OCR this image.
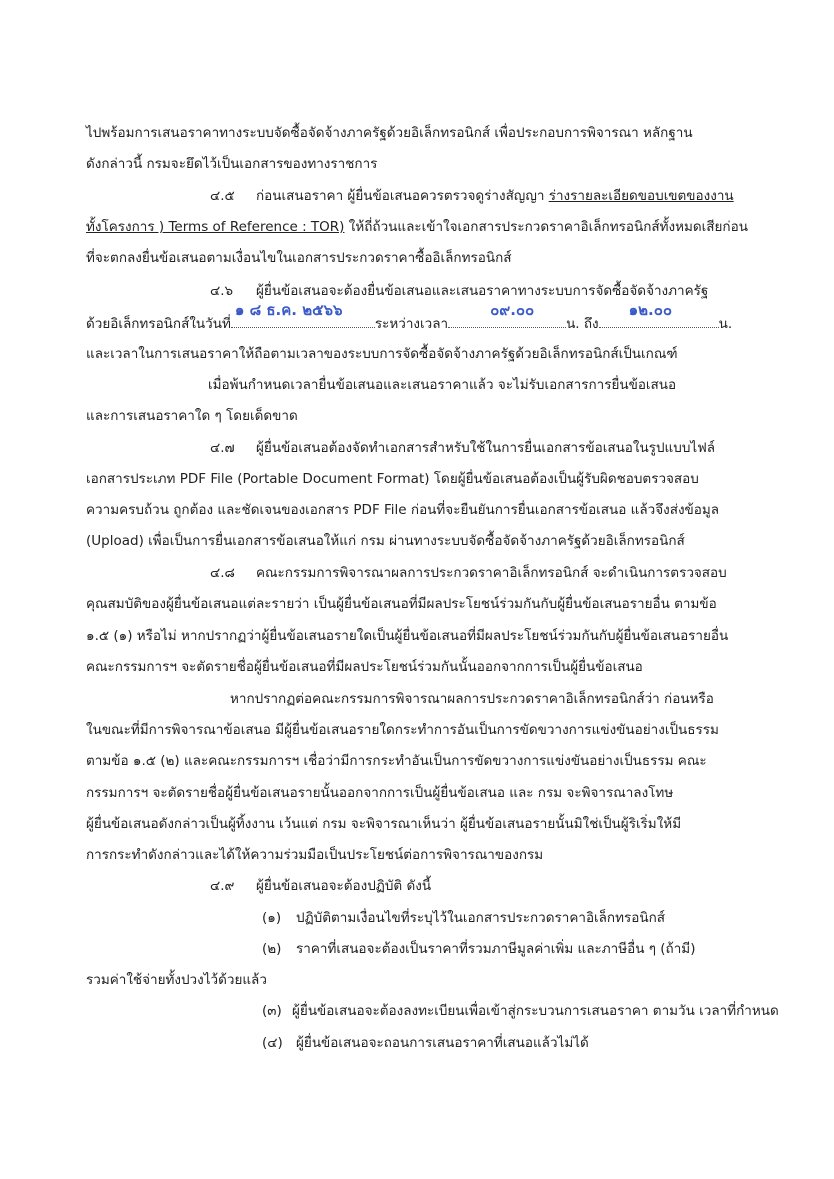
ไปพร้อมการเสนอราคาทางระบบจัดซื้อจัดจ้างภาครัฐด้วยอิเล็กทรอนิกส์ เพื่อประกอบการพิจารณา หลักฐาน
ดังกล่าวนี้ กรมจะยึดไว้เป็นเอกสารของทางราชการ
๔.๕ ก่อนเสนอราคา ผู้ยื่นข้อเสนอควรตรวจดูร่างสัญญา ร่างรายละเอียดขอบเขตของงาน
ทั้งโครงการ ) Terms of Reference : TOR) ให้ถี่ถ้วนและเข้าใจเอกสารประกวดราคาอิเล็กทรอนิกส์ทั้งหมดเสียก่อน
ที่จะตกลงยื่นข้อเสนอตามเงื่อนไขในเอกสารประกวดราคาซื้ออิเล็กทรอนิกส์
๔.๖ ผู้ยื่นข้อเสนอจะต้องยื่นข้อเสนอและเสนอราคาทางระบบการจัดซื้อจัดจ้างภาครัฐ
ด้วยอิเล็กทรอนิกส์ในวันที่
๑ ๘ ธ.ค. ๒๕๖๖
ระหว่างเวลา
๐๙.๐๐
น. ถึง
๑๒.๐๐
น.
และเวลาในการเสนอราคาให้ถือตามเวลาของระบบการจัดซื้อจัดจ้างภาครัฐด้วยอิเล็กทรอนิกส์เป็นเกณฑ์
เมื่อพ้นกำหนดเวลายื่นข้อเสนอและเสนอราคาแล้ว จะไม่รับเอกสารการยื่นข้อเสนอ
และการเสนอราคาใด ๆ โดยเด็ดขาด
๔.๗ ผู้ยื่นข้อเสนอต้องจัดทำเอกสารสำหรับใช้ในการยื่นเอกสารข้อเสนอในรูปแบบไฟล์
เอกสารประเภท PDF File (Portable Document Format) โดยผู้ยื่นข้อเสนอต้องเป็นผู้รับผิดชอบตรวจสอบ
ความครบถ้วน ถูกต้อง และชัดเจนของเอกสาร PDF File ก่อนที่จะยืนยันการยื่นเอกสารข้อเสนอ แล้วจึงส่งข้อมูล
(Upload) เพื่อเป็นการยื่นเอกสารข้อเสนอให้แก่ กรม ผ่านทางระบบจัดซื้อจัดจ้างภาครัฐด้วยอิเล็กทรอนิกส์
๔.๘ คณะกรรมการพิจารณาผลการประกวดราคาอิเล็กทรอนิกส์ จะดำเนินการตรวจสอบ
คุณสมบัติของผู้ยื่นข้อเสนอแต่ละรายว่า เป็นผู้ยื่นข้อเสนอที่มีผลประโยชน์ร่วมกันกับผู้ยื่นข้อเสนอรายอื่น ตามข้อ
๑.๕ (๑) หรือไม่ หากปรากฏว่าผู้ยื่นข้อเสนอรายใดเป็นผู้ยื่นข้อเสนอที่มีผลประโยชน์ร่วมกันกับผู้ยื่นข้อเสนอรายอื่น
คณะกรรมการฯ จะตัดรายชื่อผู้ยื่นข้อเสนอที่มีผลประโยชน์ร่วมกันนั้นออกจากการเป็นผู้ยื่นข้อเสนอ
หากปรากฏต่อคณะกรรมการพิจารณาผลการประกวดราคาอิเล็กทรอนิกส์ว่า ก่อนหรือ
ในขณะที่มีการพิจารณาข้อเสนอ มีผู้ยื่นข้อเสนอรายใดกระทำการอันเป็นการขัดขวางการแข่งขันอย่างเป็นธรรม
ตามข้อ ๑.๕ (๒) และคณะกรรมการฯ เชื่อว่ามีการกระทำอันเป็นการขัดขวางการแข่งขันอย่างเป็นธรรม คณะ
กรรมการฯ จะตัดรายชื่อผู้ยื่นข้อเสนอรายนั้นออกจากการเป็นผู้ยื่นข้อเสนอ และ กรม จะพิจารณาลงโทษ
ผู้ยื่นข้อเสนอดังกล่าวเป็นผู้ทิ้งงาน เว้นแต่ กรม จะพิจารณาเห็นว่า ผู้ยื่นข้อเสนอรายนั้นมิใช่เป็นผู้ริเริ่มให้มี
การกระทำดังกล่าวและได้ให้ความร่วมมือเป็นประโยชน์ต่อการพิจารณาของกรม
๔.๙ ผู้ยื่นข้อเสนอจะต้องปฏิบัติ ดังนี้
(๑) ปฏิบัติตามเงื่อนไขที่ระบุไว้ในเอกสารประกวดราคาอิเล็กทรอนิกส์
(๒) ราคาที่เสนอจะต้องเป็นราคาที่รวมภาษีมูลค่าเพิ่ม และภาษีอื่น ๆ (ถ้ามี)
รวมค่าใช้จ่ายทั้งปวงไว้ด้วยแล้ว
(๓) ผู้ยื่นข้อเสนอจะต้องลงทะเบียนเพื่อเข้าสู่กระบวนการเสนอราคา ตามวัน เวลาที่กำหนด
(๔) ผู้ยื่นข้อเสนอจะถอนการเสนอราคาที่เสนอแล้วไม่ได้
